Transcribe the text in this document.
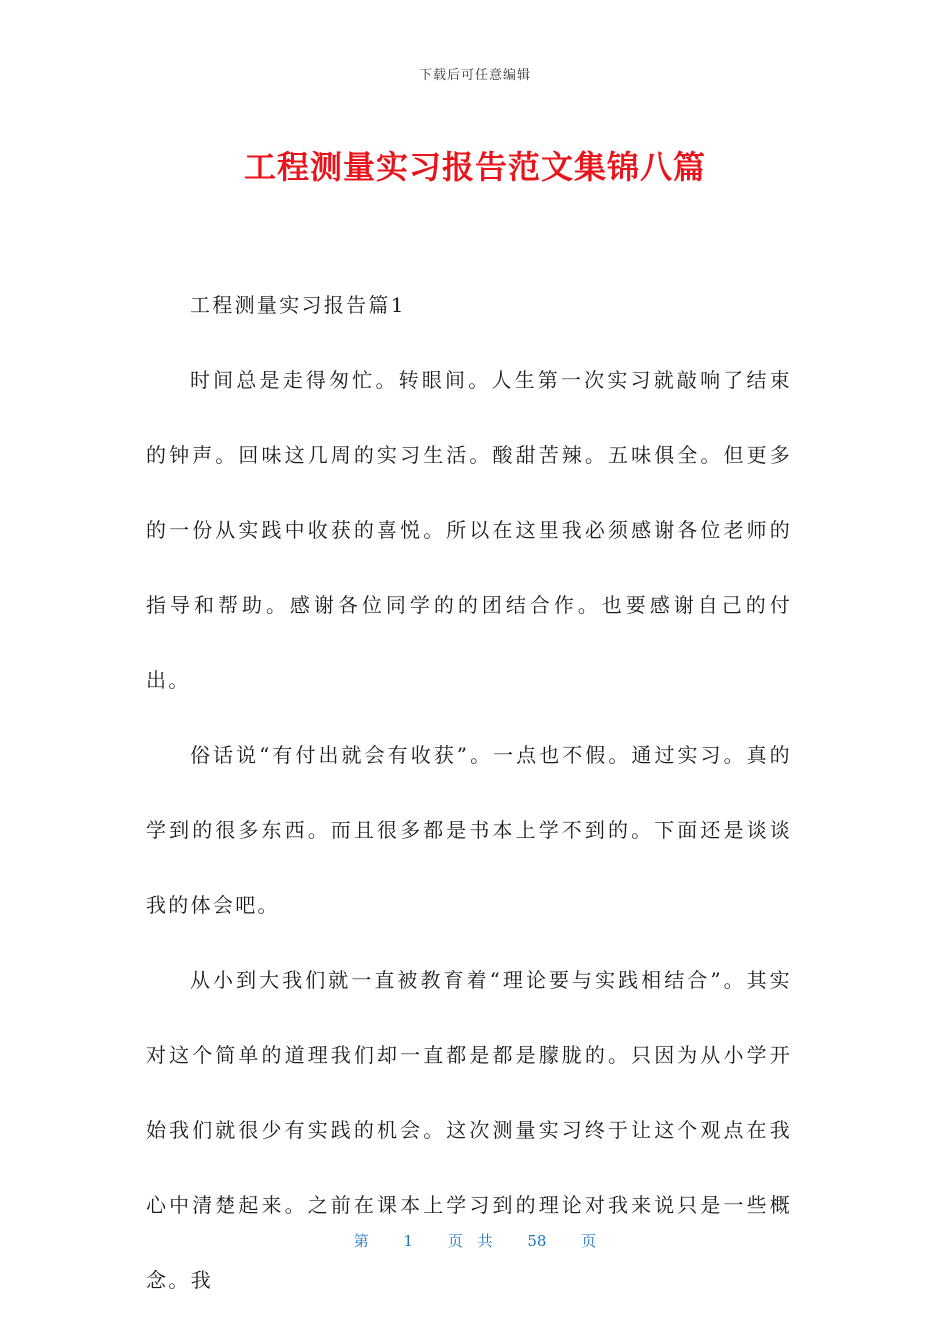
下载后可任意编辑
工程测量实习报告范文集锦八篇

工程测量实习报告篇1

时间总是走得匆忙。转眼间。人生第一次实习就敲响了结束的钟声。回味这几周的实习生活。酸甜苦辣。五味俱全。但更多的一份从实践中收获的喜悦。所以在这里我必须感谢各位老师的指导和帮助。感谢各位同学的的团结合作。也要感谢自己的付出。

俗话说“有付出就会有收获”。一点也不假。通过实习。真的学到的很多东西。而且很多都是书本上学不到的。下面还是谈谈我的体会吧。

从小到大我们就一直被教育着“理论要与实践相结合”。其实对这个简单的道理我们却一直都是都是朦胧的。只因为从小学开始我们就很少有实践的机会。这次测量实习终于让这个观点在我心中清楚起来。之前在课本上学习到的理论对我来说只是一些概念。我

第 1 页 共 58 页
